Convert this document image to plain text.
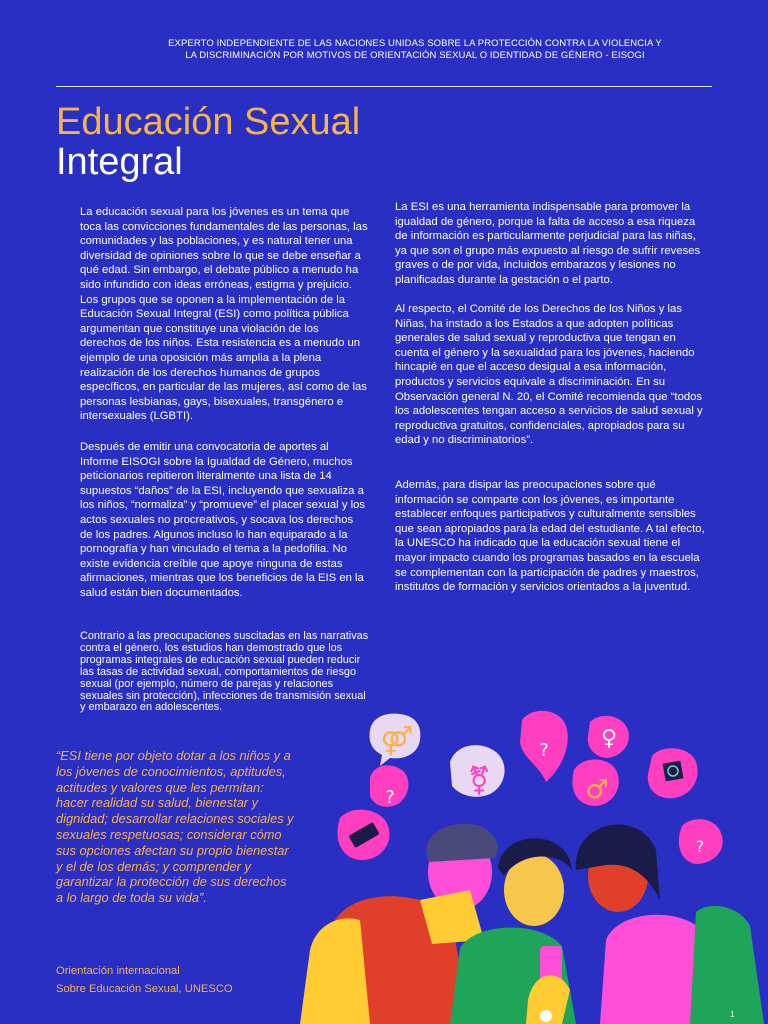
EXPERTO INDEPENDIENTE DE LAS NACIONES UNIDAS SOBRE LA PROTECCIÓN CONTRA LA VIOLENCIA Y
LA DISCRIMINACIÓN POR MOTIVOS DE ORIENTACIÓN SEXUAL O IDENTIDAD DE GÉNERO - EISOGI
Educación Sexual
Integral

La educación sexual para los jóvenes es un tema que toca las convicciones fundamentales de las personas, las comunidades y las poblaciones, y es natural tener una diversidad de opiniones sobre lo que se debe enseñar a qué edad. Sin embargo, el debate público a menudo ha sido infundido con ideas erróneas, estigma y prejuicio. Los grupos que se oponen a la implementación de la Educación Sexual Integral (ESI) como política pública argumentan que constituye una violación de los derechos de los niños. Esta resistencia es a menudo un ejemplo de una oposición más amplia a la plena realización de los derechos humanos de grupos específicos, en particular de las mujeres, así como de las personas lesbianas, gays, bisexuales, transgénero e intersexuales (LGBTI).

Después de emitir una convocatoria de aportes al Informe EISOGI sobre la Igualdad de Género, muchos peticionarios repitieron literalmente una lista de 14 supuestos “daños” de la ESI, incluyendo que sexualiza a los niños, “normaliza” y “promueve” el placer sexual y los actos sexuales no procreativos, y socava los derechos de los padres. Algunos incluso lo han equiparado a la pornografía y han vinculado el tema a la pedofilia. No existe evidencia creíble que apoye ninguna de estas afirmaciones, mientras que los beneficios de la EIS en la salud están bien documentados.

Contrario a las preocupaciones suscitadas en las narrativas contra el género, los estudios han demostrado que los programas integrales de educación sexual pueden reducir las tasas de actividad sexual, comportamientos de riesgo sexual (por ejemplo, número de parejas y relaciones sexuales sin protección), infecciones de transmisión sexual y embarazo en adolescentes.

La ESI es una herramienta indispensable para promover la igualdad de género, porque la falta de acceso a esa riqueza de información es particularmente perjudicial para las niñas, ya que son el grupo más expuesto al riesgo de sufrir reveses graves o de por vida, incluidos embarazos y lesiones no planificadas durante la gestación o el parto.

Al respecto, el Comité de los Derechos de los Niños y las Niñas, ha instado a los Estados a que adopten políticas generales de salud sexual y reproductiva que tengan en cuenta el género y la sexualidad para los jóvenes, haciendo hincapié en que el acceso desigual a esa información, productos y servicios equivale a discriminación. En su Observación general N. 20, el Comité recomienda que “todos los adolescentes tengan acceso a servicios de salud sexual y reproductiva gratuitos, confidenciales, apropiados para su edad y no discriminatorios”.

Además, para disipar las preocupaciones sobre qué información se comparte con los jóvenes, es importante establecer enfoques participativos y culturalmente sensibles que sean apropiados para la edad del estudiante. A tal efecto, la UNESCO ha indicado que la educación sexual tiene el mayor impacto cuando los programas basados en la escuela se complementan con la participación de padres y maestros, institutos de formación y servicios orientados a la juventud.

“ESI tiene por objeto dotar a los niños y a los jóvenes de conocimientos, aptitudes, actitudes y valores que les permitan: hacer realidad su salud, bienestar y dignidad; desarrollar relaciones sociales y sexuales respetuosas; considerar cómo sus opciones afectan su propio bienestar y el de los demás; y comprender y garantizar la protección de sus derechos a lo largo de toda su vida”.

Orientación internacional
Sobre Educación Sexual, UNESCO
⚤
?
⚧
? ♀
♂
?
1
